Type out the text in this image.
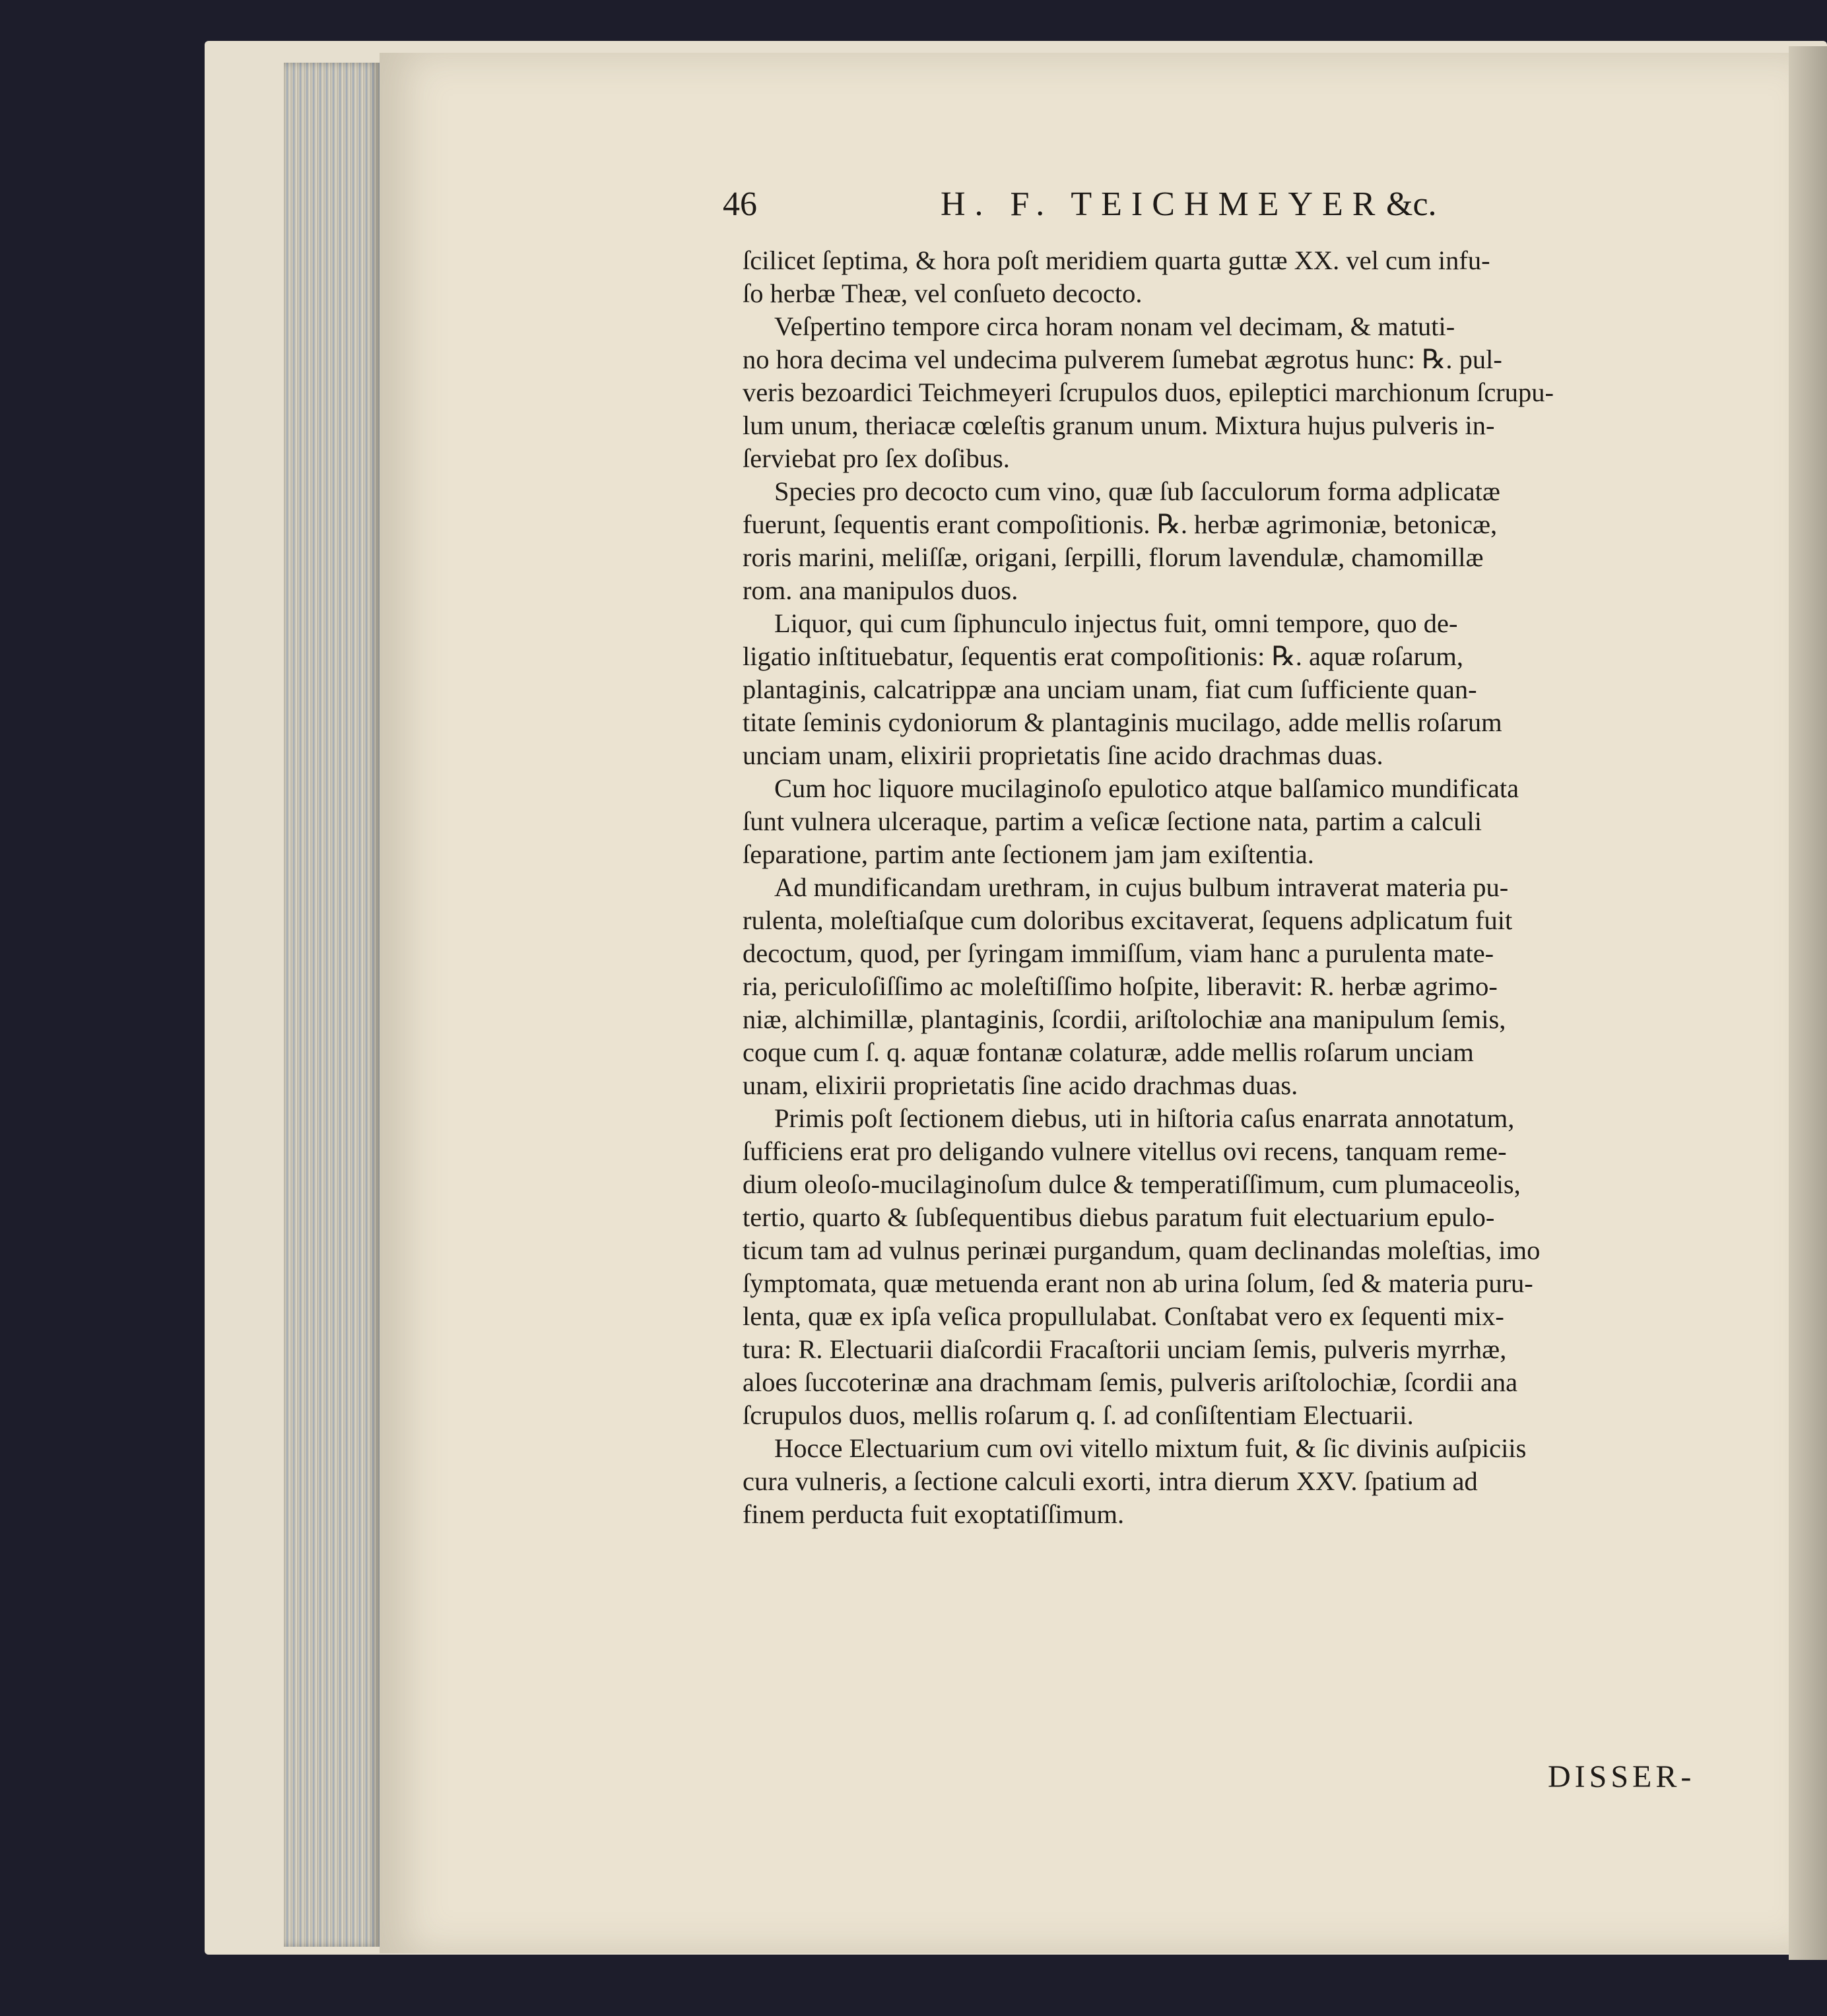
46	H. F. TEICHMEYER &c.

ſcilicet ſeptima, & hora poſt meridiem quarta guttæ XX. vel cum infu-
ſo herbæ Theæ, vel conſueto decocto.

Veſpertino tempore circa horam nonam vel decimam, & matuti-
no hora decima vel undecima pulverem ſumebat ægrotus hunc: ℞. pul-
veris bezoardici Teichmeyeri ſcrupulos duos, epileptici marchionum ſcrupu-
lum unum, theriacæ cœleſtis granum unum. Mixtura hujus pulveris in-
ſerviebat pro ſex doſibus.

Species pro decocto cum vino, quæ ſub ſacculorum forma adplicatæ
fuerunt, ſequentis erant compoſitionis. ℞. herbæ agrimoniæ, betonicæ,
roris marini, meliſſæ, origani, ſerpilli, florum lavendulæ, chamomillæ
rom. ana manipulos duos.

Liquor, qui cum ſiphunculo injectus fuit, omni tempore, quo de-
ligatio inſtituebatur, ſequentis erat compoſitionis: ℞. aquæ roſarum,
plantaginis, calcatrippæ ana unciam unam, fiat cum ſufficiente quan-
titate ſeminis cydoniorum & plantaginis mucilago, adde mellis roſarum
unciam unam, elixirii proprietatis ſine acido drachmas duas.

Cum hoc liquore mucilaginoſo epulotico atque balſamico mundificata
ſunt vulnera ulceraque, partim a veſicæ ſectione nata, partim a calculi
ſeparatione, partim ante ſectionem jam jam exiſtentia.

Ad mundificandam urethram, in cujus bulbum intraverat materia pu-
rulenta, moleſtiaſque cum doloribus excitaverat, ſequens adplicatum fuit
decoctum, quod, per ſyringam immiſſum, viam hanc a purulenta mate-
ria, periculoſiſſimo ac moleſtiſſimo hoſpite, liberavit: R. herbæ agrimo-
niæ, alchimillæ, plantaginis, ſcordii, ariſtolochiæ ana manipulum ſemis,
coque cum ſ. q. aquæ fontanæ colaturæ, adde mellis roſarum unciam
unam, elixirii proprietatis ſine acido drachmas duas.

Primis poſt ſectionem diebus, uti in hiſtoria caſus enarrata annotatum,
ſufficiens erat pro deligando vulnere vitellus ovi recens, tanquam reme-
dium oleoſo-mucilaginoſum dulce & temperatiſſimum, cum plumaceolis,
tertio, quarto & ſubſequentibus diebus paratum fuit electuarium epulo-
ticum tam ad vulnus perinæi purgandum, quam declinandas moleſtias, imo
ſymptomata, quæ metuenda erant non ab urina ſolum, ſed & materia puru-
lenta, quæ ex ipſa veſica propullulabat. Conſtabat vero ex ſequenti mix-
tura: R. Electuarii diaſcordii Fracaſtorii unciam ſemis, pulveris myrrhæ,
aloes ſuccoterinæ ana drachmam ſemis, pulveris ariſtolochiæ, ſcordii ana
ſcrupulos duos, mellis roſarum q. ſ. ad conſiſtentiam Electuarii.

Hocce Electuarium cum ovi vitello mixtum fuit, & ſic divinis auſpiciis
cura vulneris, a ſectione calculi exorti, intra dierum XXV. ſpatium ad
finem perducta fuit exoptatiſſimum.

DISSER-
